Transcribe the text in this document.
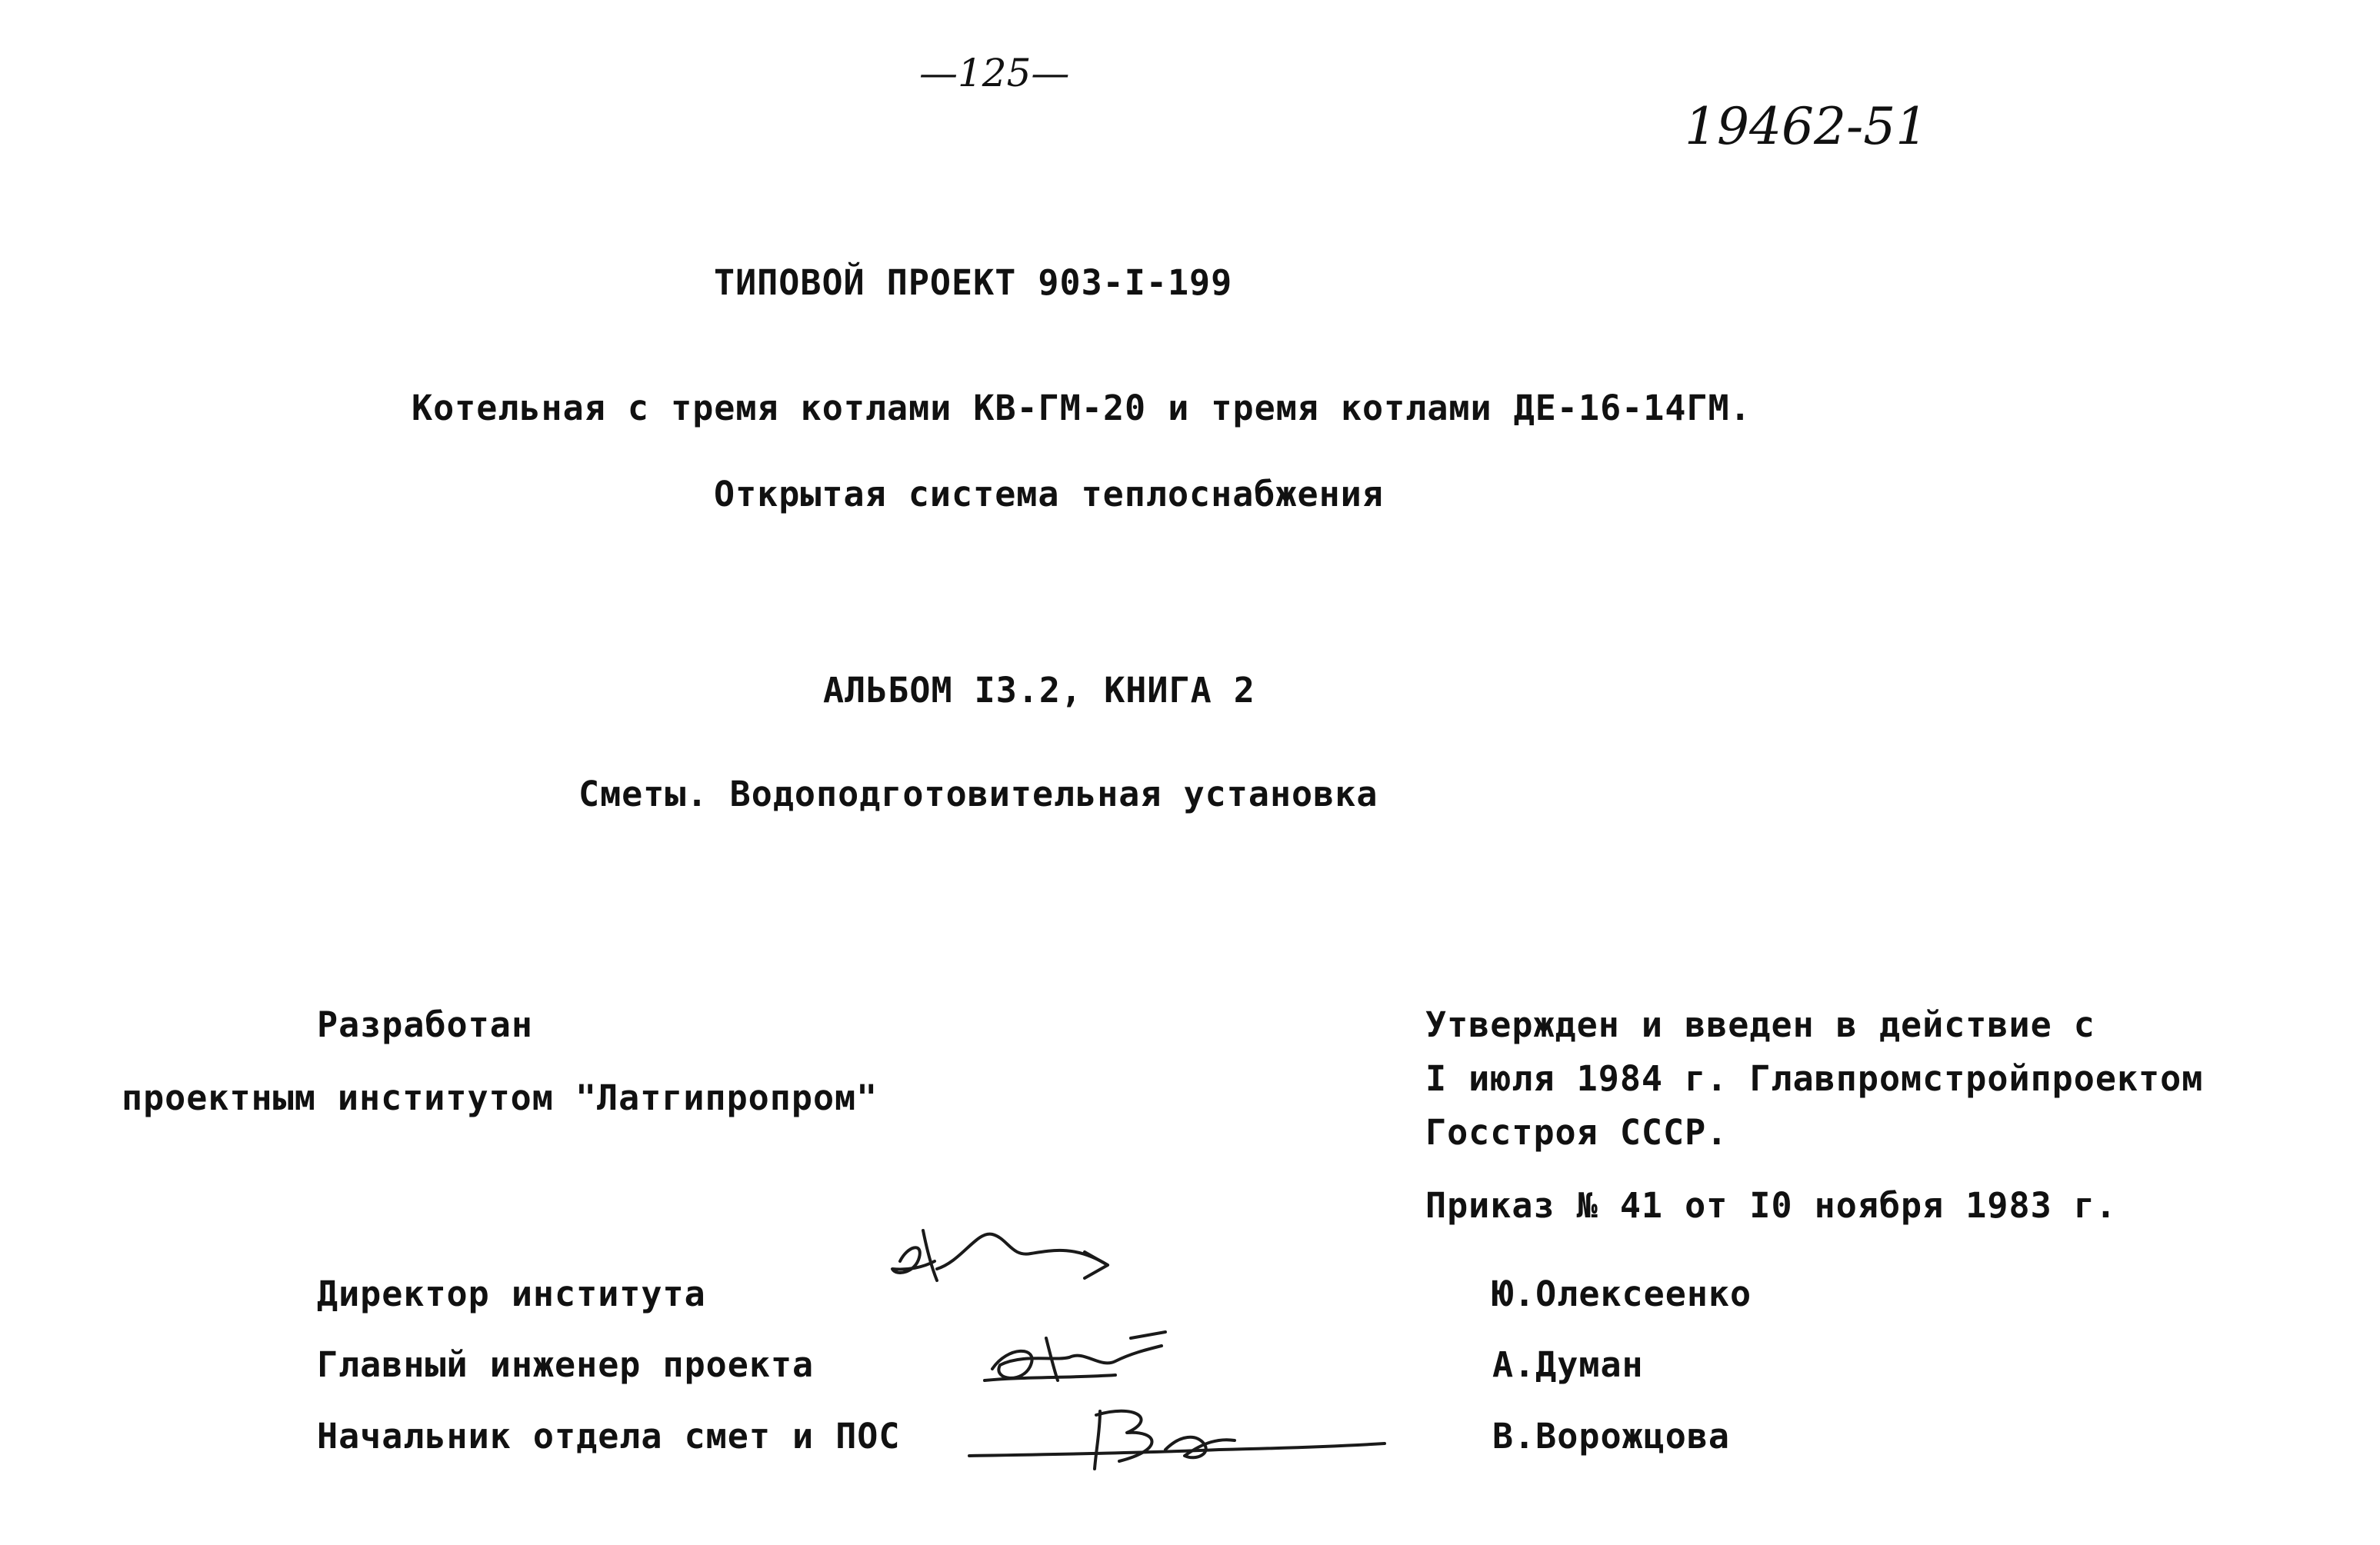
—125—
19462-51
ТИПОВОЙ ПРОЕКТ 903-I-199
Котельная с тремя котлами КВ-ГМ-20 и тремя котлами ДЕ-16-14ГМ.
Открытая система теплоснабжения
АЛЬБОМ I3.2, КНИГА 2
Сметы. Водоподготовительная установка
Разработан
проектным институтом "Латгипропром"
Утвержден и введен в действие с
I июля 1984 г. Главпромстройпроектом
Госстроя СССР.
Приказ № 41 от I0 ноября 1983 г.
Директор института
Главный инженер проекта
Начальник отдела смет и ПОС
Ю.Олексеенко
А.Думан
В.Ворожцова
